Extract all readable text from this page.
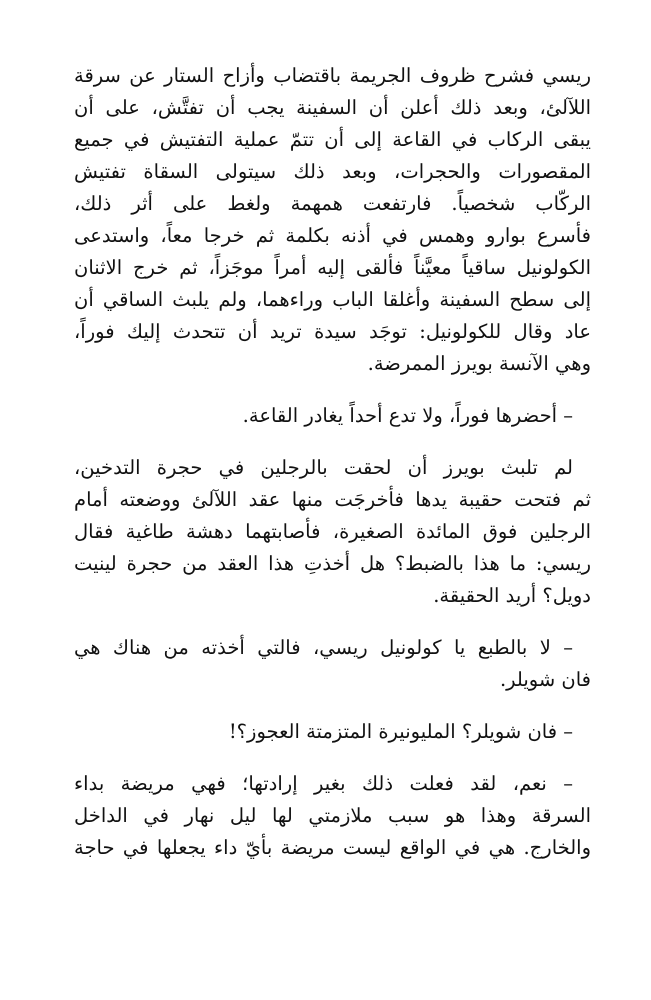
ريسي فشرح ظروف الجريمة باقتضاب وأزاح الستار عن سرقة
اللآلئ، وبعد ذلك أعلن أن السفينة يجب أن تفتَّش، على أن
يبقى الركاب في القاعة إلى أن تتمّ عملية التفتيش في جميع
المقصورات والحجرات، وبعد ذلك سيتولى السقاة تفتيش
الركّاب شخصياً. فارتفعت همهمة ولغط على أثر ذلك،
فأسرع بوارو وهمس في أذنه بكلمة ثم خرجا معاً، واستدعى
الكولونيل ساقياً معيَّناً فألقى إليه أمراً موجَزاً، ثم خرج الاثنان
إلى سطح السفينة وأغلقا الباب وراءهما، ولم يلبث الساقي أن
عاد وقال للكولونيل: توجَد سيدة تريد أن تتحدث إليك فوراً،
وهي الآنسة بويرز الممرضة.

– أحضرها فوراً، ولا تدع أحداً يغادر القاعة.

لم تلبث بويرز أن لحقت بالرجلين في حجرة التدخين،
ثم فتحت حقيبة يدها فأخرجَت منها عقد اللآلئ ووضعته أمام
الرجلين فوق المائدة الصغيرة، فأصابتهما دهشة طاغية فقال
ريسي: ما هذا بالضبط؟ هل أخذتِ هذا العقد من حجرة لينيت
دويل؟ أريد الحقيقة.

– لا بالطبع يا كولونيل ريسي، فالتي أخذته من هناك هي
فان شويلر.

– فان شويلر؟ المليونيرة المتزمتة العجوز؟!

– نعم، لقد فعلت ذلك بغير إرادتها؛ فهي مريضة بداء
السرقة وهذا هو سبب ملازمتي لها ليل نهار في الداخل
والخارج. هي في الواقع ليست مريضة بأيّ داء يجعلها في حاجة
